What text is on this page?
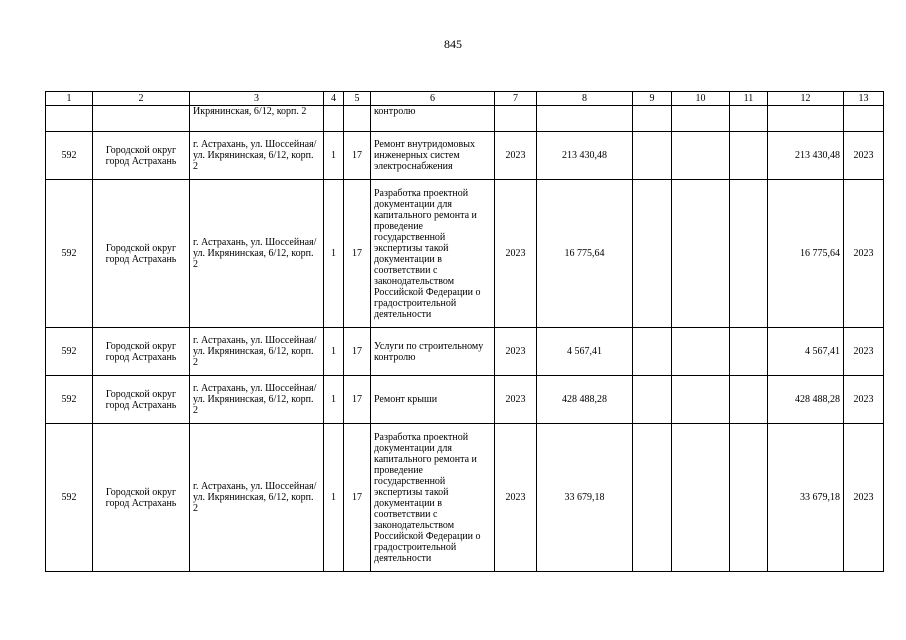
845
1	2	3	4	5	6	7	8	9	10	11	12	13
		Икрянинская, 6/12, корп. 2			контролю							
592	Городской округ город Астрахань	г. Астрахань, ул. Шоссейная/ ул. Икрянинская, 6/12, корп. 2	1	17	Ремонт внутридомовых инженерных систем электроснабжения	2023	213 430,48				213 430,48	2023
592	Городской округ город Астрахань	г. Астрахань, ул. Шоссейная/ ул. Икрянинская, 6/12, корп. 2	1	17	Разработка проектной документации для капитального ремонта и проведение государственной экспертизы такой документации в соответствии с законодательством Российской Федерации о градостроительной деятельности	2023	16 775,64				16 775,64	2023
592	Городской округ город Астрахань	г. Астрахань, ул. Шоссейная/ ул. Икрянинская, 6/12, корп. 2	1	17	Услуги по строительному контролю	2023	4 567,41				4 567,41	2023
592	Городской округ город Астрахань	г. Астрахань, ул. Шоссейная/ ул. Икрянинская, 6/12, корп. 2	1	17	Ремонт крыши	2023	428 488,28				428 488,28	2023
592	Городской округ город Астрахань	г. Астрахань, ул. Шоссейная/ ул. Икрянинская, 6/12, корп. 2	1	17	Разработка проектной документации для капитального ремонта и проведение государственной экспертизы такой документации в соответствии с законодательством Российской Федерации о градостроительной деятельности	2023	33 679,18				33 679,18	2023
